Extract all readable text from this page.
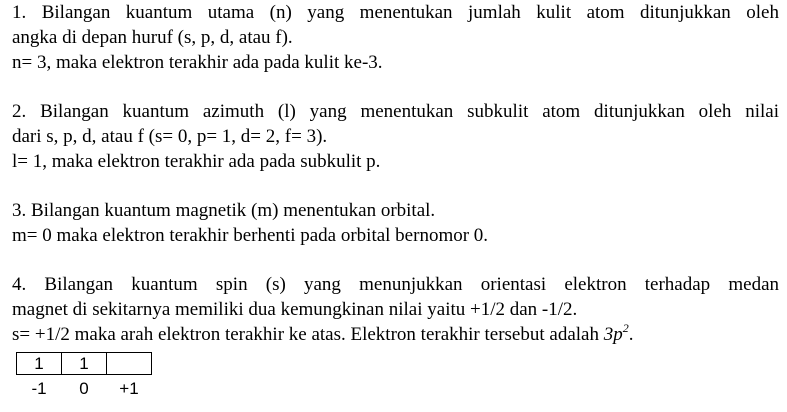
1. Bilangan kuantum utama (n) yang menentukan jumlah kulit atom ditunjukkan oleh
angka di depan huruf (s, p, d, atau f).
n= 3, maka elektron terakhir ada pada kulit ke-3.
2. Bilangan kuantum azimuth (l) yang menentukan subkulit atom ditunjukkan oleh nilai
dari s, p, d, atau f (s= 0, p= 1, d= 2, f= 3).
l= 1, maka elektron terakhir ada pada subkulit p.
3. Bilangan kuantum magnetik (m) menentukan orbital.
m= 0 maka elektron terakhir berhenti pada orbital bernomor 0.
4. Bilangan kuantum spin (s) yang menunjukkan orientasi elektron terhadap medan
magnet di sekitarnya memiliki dua kemungkinan nilai yaitu +1/2 dan -1/2.
s= +1/2 maka arah elektron terakhir ke atas. Elektron terakhir tersebut adalah $3p^2$.
1	1	
-1	0	+1
